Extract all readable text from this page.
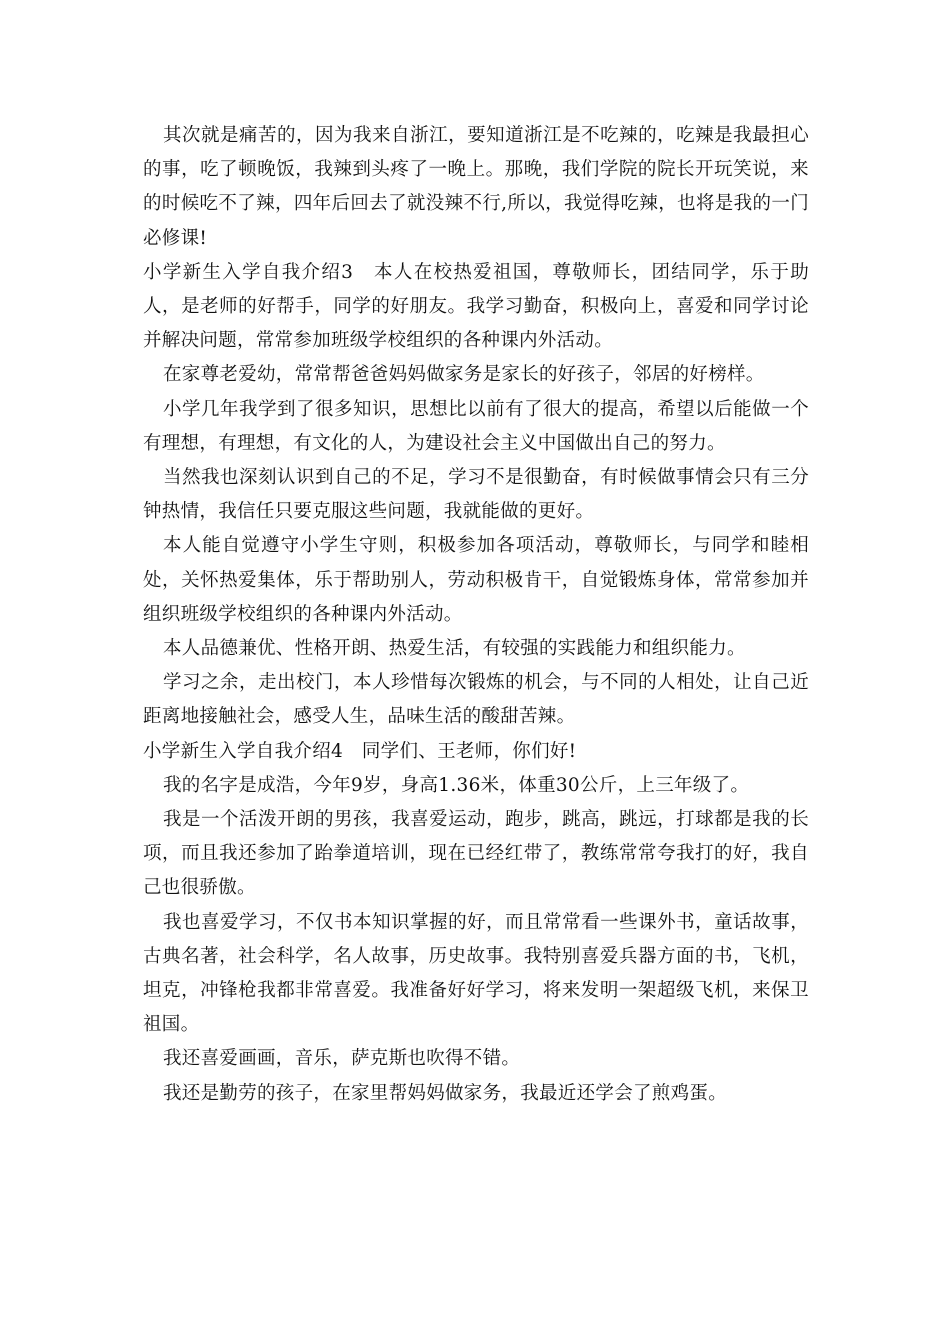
其次就是痛苦的，因为我来自浙江，要知道浙江是不吃辣的，吃辣是我最担心的事，吃了顿晚饭，我辣到头疼了一晚上。那晚，我们学院的院长开玩笑说，来的时候吃不了辣，四年后回去了就没辣不行,所以，我觉得吃辣，也将是我的一门必修课!

小学新生入学自我介绍3　本人在校热爱祖国，尊敬师长，团结同学，乐于助人，是老师的好帮手，同学的好朋友。我学习勤奋，积极向上，喜爱和同学讨论并解决问题，常常参加班级学校组织的各种课内外活动。

在家尊老爱幼，常常帮爸爸妈妈做家务是家长的好孩子，邻居的好榜样。

小学几年我学到了很多知识，思想比以前有了很大的提高，希望以后能做一个有理想，有理想，有文化的人，为建设社会主义中国做出自己的努力。

当然我也深刻认识到自己的不足，学习不是很勤奋，有时候做事情会只有三分钟热情，我信任只要克服这些问题，我就能做的更好。

本人能自觉遵守小学生守则，积极参加各项活动，尊敬师长，与同学和睦相处，关怀热爱集体，乐于帮助别人，劳动积极肯干，自觉锻炼身体，常常参加并组织班级学校组织的各种课内外活动。

本人品德兼优、性格开朗、热爱生活，有较强的实践能力和组织能力。

学习之余，走出校门，本人珍惜每次锻炼的机会，与不同的人相处，让自己近距离地接触社会，感受人生，品味生活的酸甜苦辣。

小学新生入学自我介绍4　同学们、王老师，你们好!

我的名字是成浩，今年9岁，身高1.36米，体重30公斤，上三年级了。

我是一个活泼开朗的男孩，我喜爱运动，跑步，跳高，跳远，打球都是我的长项，而且我还参加了跆拳道培训，现在已经红带了，教练常常夸我打的好，我自己也很骄傲。

我也喜爱学习，不仅书本知识掌握的好，而且常常看一些课外书，童话故事，古典名著，社会科学，名人故事，历史故事。我特别喜爱兵器方面的书，飞机，坦克，冲锋枪我都非常喜爱。我准备好好学习，将来发明一架超级飞机，来保卫祖国。

我还喜爱画画，音乐，萨克斯也吹得不错。

我还是勤劳的孩子，在家里帮妈妈做家务，我最近还学会了煎鸡蛋。
